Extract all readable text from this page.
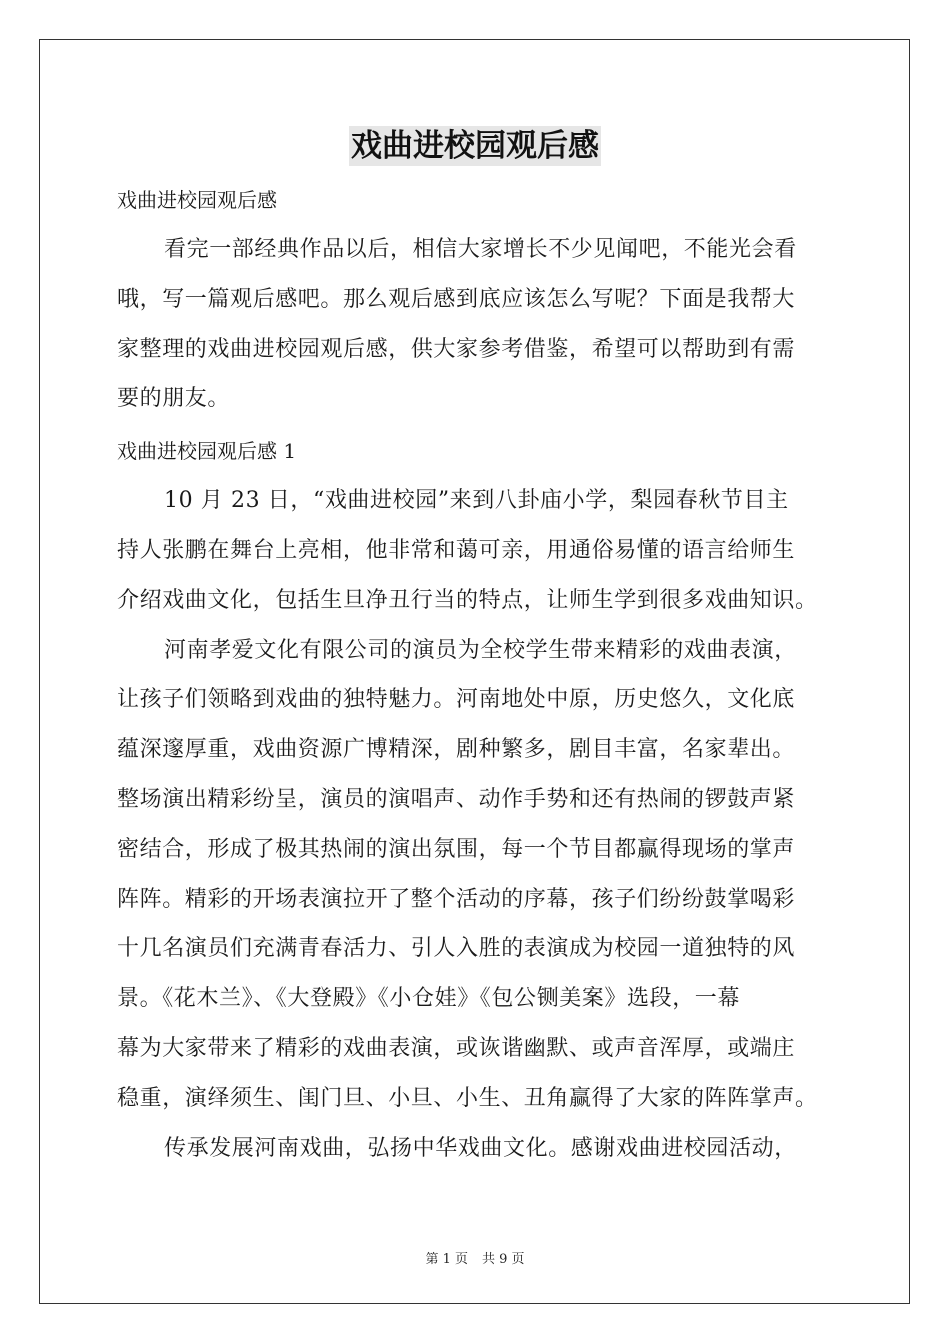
戏曲进校园观后感
戏曲进校园观后感

看完一部经典作品以后，相信大家增长不少见闻吧，不能光会看
哦，写一篇观后感吧。那么观后感到底应该怎么写呢？下面是我帮大
家整理的戏曲进校园观后感，供大家参考借鉴，希望可以帮助到有需
要的朋友。

戏曲进校园观后感 1

10 月 23 日，“戏曲进校园”来到八卦庙小学，梨园春秋节目主
持人张鹏在舞台上亮相，他非常和蔼可亲，用通俗易懂的语言给师生
介绍戏曲文化，包括生旦净丑行当的特点，让师生学到很多戏曲知识。

河南孝爱文化有限公司的演员为全校学生带来精彩的戏曲表演，
让孩子们领略到戏曲的独特魅力。河南地处中原，历史悠久，文化底
蕴深邃厚重，戏曲资源广博精深，剧种繁多，剧目丰富，名家辈出。
整场演出精彩纷呈，演员的演唱声、动作手势和还有热闹的锣鼓声紧
密结合，形成了极其热闹的演出氛围，每一个节目都赢得现场的掌声
阵阵。精彩的开场表演拉开了整个活动的序幕，孩子们纷纷鼓掌喝彩
十几名演员们充满青春活力、引人入胜的表演成为校园一道独特的风
景。《花木兰》、《大登殿》《小仓娃》《包公铡美案》选段，一幕
幕为大家带来了精彩的戏曲表演，或诙谐幽默、或声音浑厚，或端庄
稳重，演绎须生、闺门旦、小旦、小生、丑角赢得了大家的阵阵掌声。

传承发展河南戏曲，弘扬中华戏曲文化。感谢戏曲进校园活动，

第 1 页 共 9 页
